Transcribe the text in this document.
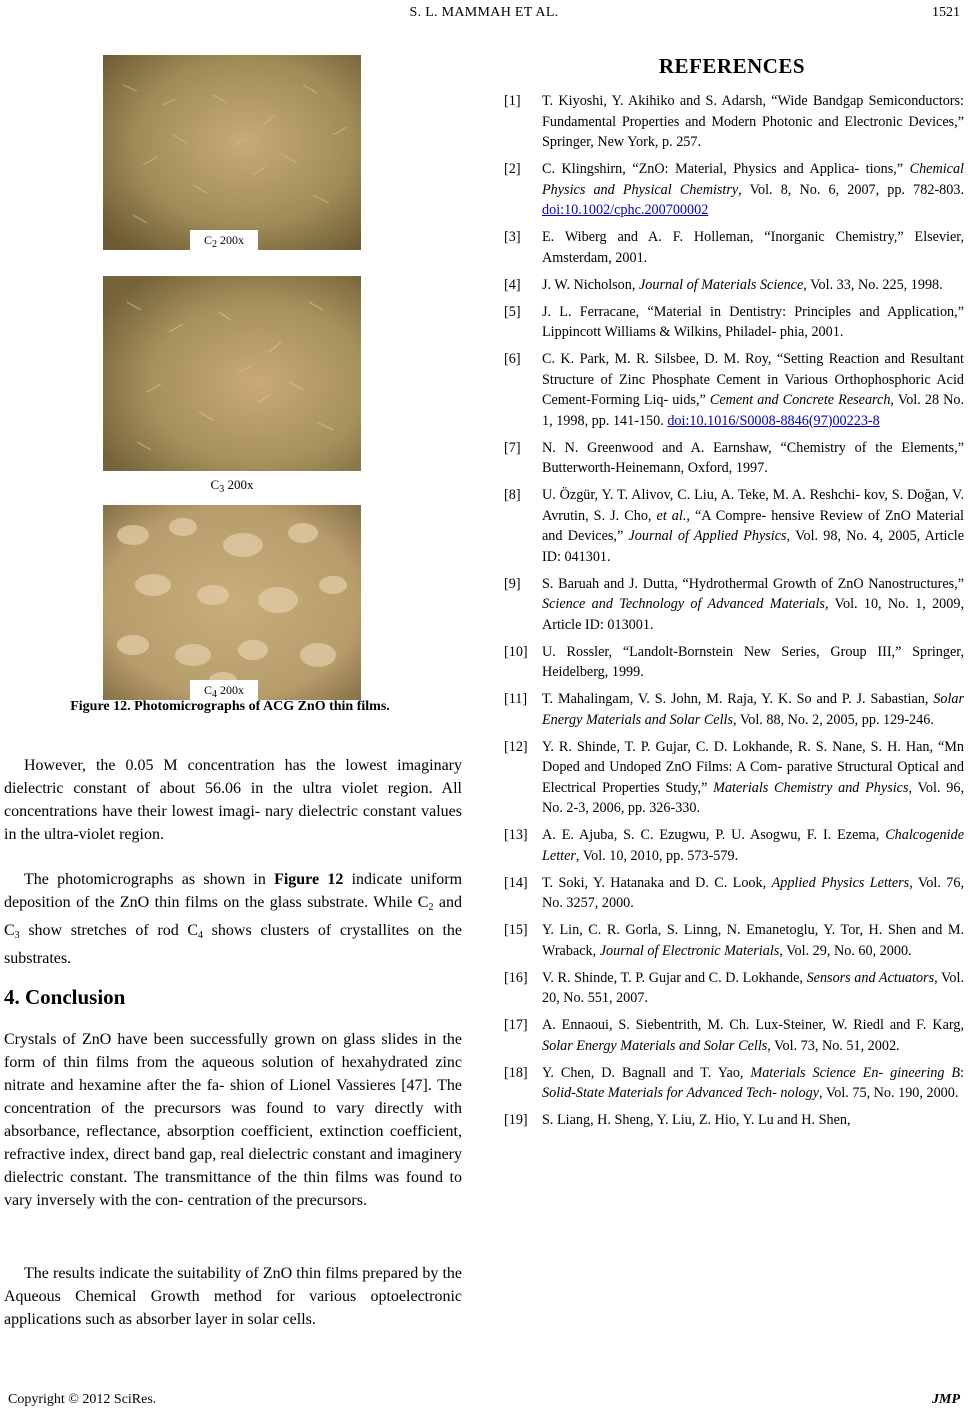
S. L. MAMMAH ET AL.	1521
$C_2$ 200x
$C_3$ 200x
$C_4$ 200x
Figure 12. Photomicrographs of ACG ZnO thin films.

However, the 0.05 M concentration has the lowest imaginary dielectric constant of about 56.06 in the ultra violet region. All concentrations have their lowest imagi- nary dielectric constant values in the ultra-violet region.

The photomicrographs as shown in Figure 12 indicate uniform deposition of the ZnO thin films on the glass substrate. While $C_2$ and $C_3$ show stretches of rod $C_4$ shows clusters of crystallites on the substrates.

4. Conclusion

Crystals of ZnO have been successfully grown on glass slides in the form of thin films from the aqueous solution of hexahydrated zinc nitrate and hexamine after the fa- shion of Lionel Vassieres [47]. The concentration of the precursors was found to vary directly with absorbance, reflectance, absorption coefficient, extinction coefficient, refractive index, direct band gap, real dielectric constant and imaginery dielectric constant. The transmittance of the thin films was found to vary inversely with the con- centration of the precursors.

The results indicate the suitability of ZnO thin films prepared by the Aqueous Chemical Growth method for various optoelectronic applications such as absorber layer in solar cells.

REFERENCES
[1]	T. Kiyoshi, Y. Akihiko and S. Adarsh, “Wide Bandgap Semiconductors: Fundamental Properties and Modern Photonic and Electronic Devices,” Springer, New York, p. 257.
[2]	C. Klingshirn, “ZnO: Material, Physics and Applica- tions,” Chemical Physics and Physical Chemistry, Vol. 8, No. 6, 2007, pp. 782-803. doi:10.1002/cphc.200700002
[3]	E. Wiberg and A. F. Holleman, “Inorganic Chemistry,” Elsevier, Amsterdam, 2001.
[4]	J. W. Nicholson, Journal of Materials Science, Vol. 33, No. 225, 1998.
[5]	J. L. Ferracane, “Material in Dentistry: Principles and Application,” Lippincott Williams & Wilkins, Philadel- phia, 2001.
[6]	C. K. Park, M. R. Silsbee, D. M. Roy, “Setting Reaction and Resultant Structure of Zinc Phosphate Cement in Various Orthophosphoric Acid Cement-Forming Liq- uids,” Cement and Concrete Research, Vol. 28 No. 1, 1998, pp. 141-150. doi:10.1016/S0008-8846(97)00223-8
[7]	N. N. Greenwood and A. Earnshaw, “Chemistry of the Elements,” Butterworth-Heinemann, Oxford, 1997.
[8]	U. Özgür, Y. T. Alivov, C. Liu, A. Teke, M. A. Reshchi- kov, S. Doğan, V. Avrutin, S. J. Cho, et al., “A Compre- hensive Review of ZnO Material and Devices,” Journal of Applied Physics, Vol. 98, No. 4, 2005, Article ID: 041301.
[9]	S. Baruah and J. Dutta, “Hydrothermal Growth of ZnO Nanostructures,” Science and Technology of Advanced Materials, Vol. 10, No. 1, 2009, Article ID: 013001.
[10]	U. Rossler, “Landolt-Bornstein New Series, Group III,” Springer, Heidelberg, 1999.
[11]	T. Mahalingam, V. S. John, M. Raja, Y. K. So and P. J. Sabastian, Solar Energy Materials and Solar Cells, Vol. 88, No. 2, 2005, pp. 129-246.
[12]	Y. R. Shinde, T. P. Gujar, C. D. Lokhande, R. S. Nane, S. H. Han, “Mn Doped and Undoped ZnO Films: A Com- parative Structural Optical and Electrical Properties Study,” Materials Chemistry and Physics, Vol. 96, No. 2-3, 2006, pp. 326-330.
[13]	A. E. Ajuba, S. C. Ezugwu, P. U. Asogwu, F. I. Ezema, Chalcogenide Letter, Vol. 10, 2010, pp. 573-579.
[14]	T. Soki, Y. Hatanaka and D. C. Look, Applied Physics Letters, Vol. 76, No. 3257, 2000.
[15]	Y. Lin, C. R. Gorla, S. Linng, N. Emanetoglu, Y. Tor, H. Shen and M. Wraback, Journal of Electronic Materials, Vol. 29, No. 60, 2000.
[16]	V. R. Shinde, T. P. Gujar and C. D. Lokhande, Sensors and Actuators, Vol. 20, No. 551, 2007.
[17]	A. Ennaoui, S. Siebentrith, M. Ch. Lux-Steiner, W. Riedl and F. Karg, Solar Energy Materials and Solar Cells, Vol. 73, No. 51, 2002.
[18]	Y. Chen, D. Bagnall and T. Yao, Materials Science En- gineering B: Solid-State Materials for Advanced Tech- nology, Vol. 75, No. 190, 2000.
[19]	S. Liang, H. Sheng, Y. Liu, Z. Hio, Y. Lu and H. Shen,
Copyright © 2012 SciRes.	JMP
